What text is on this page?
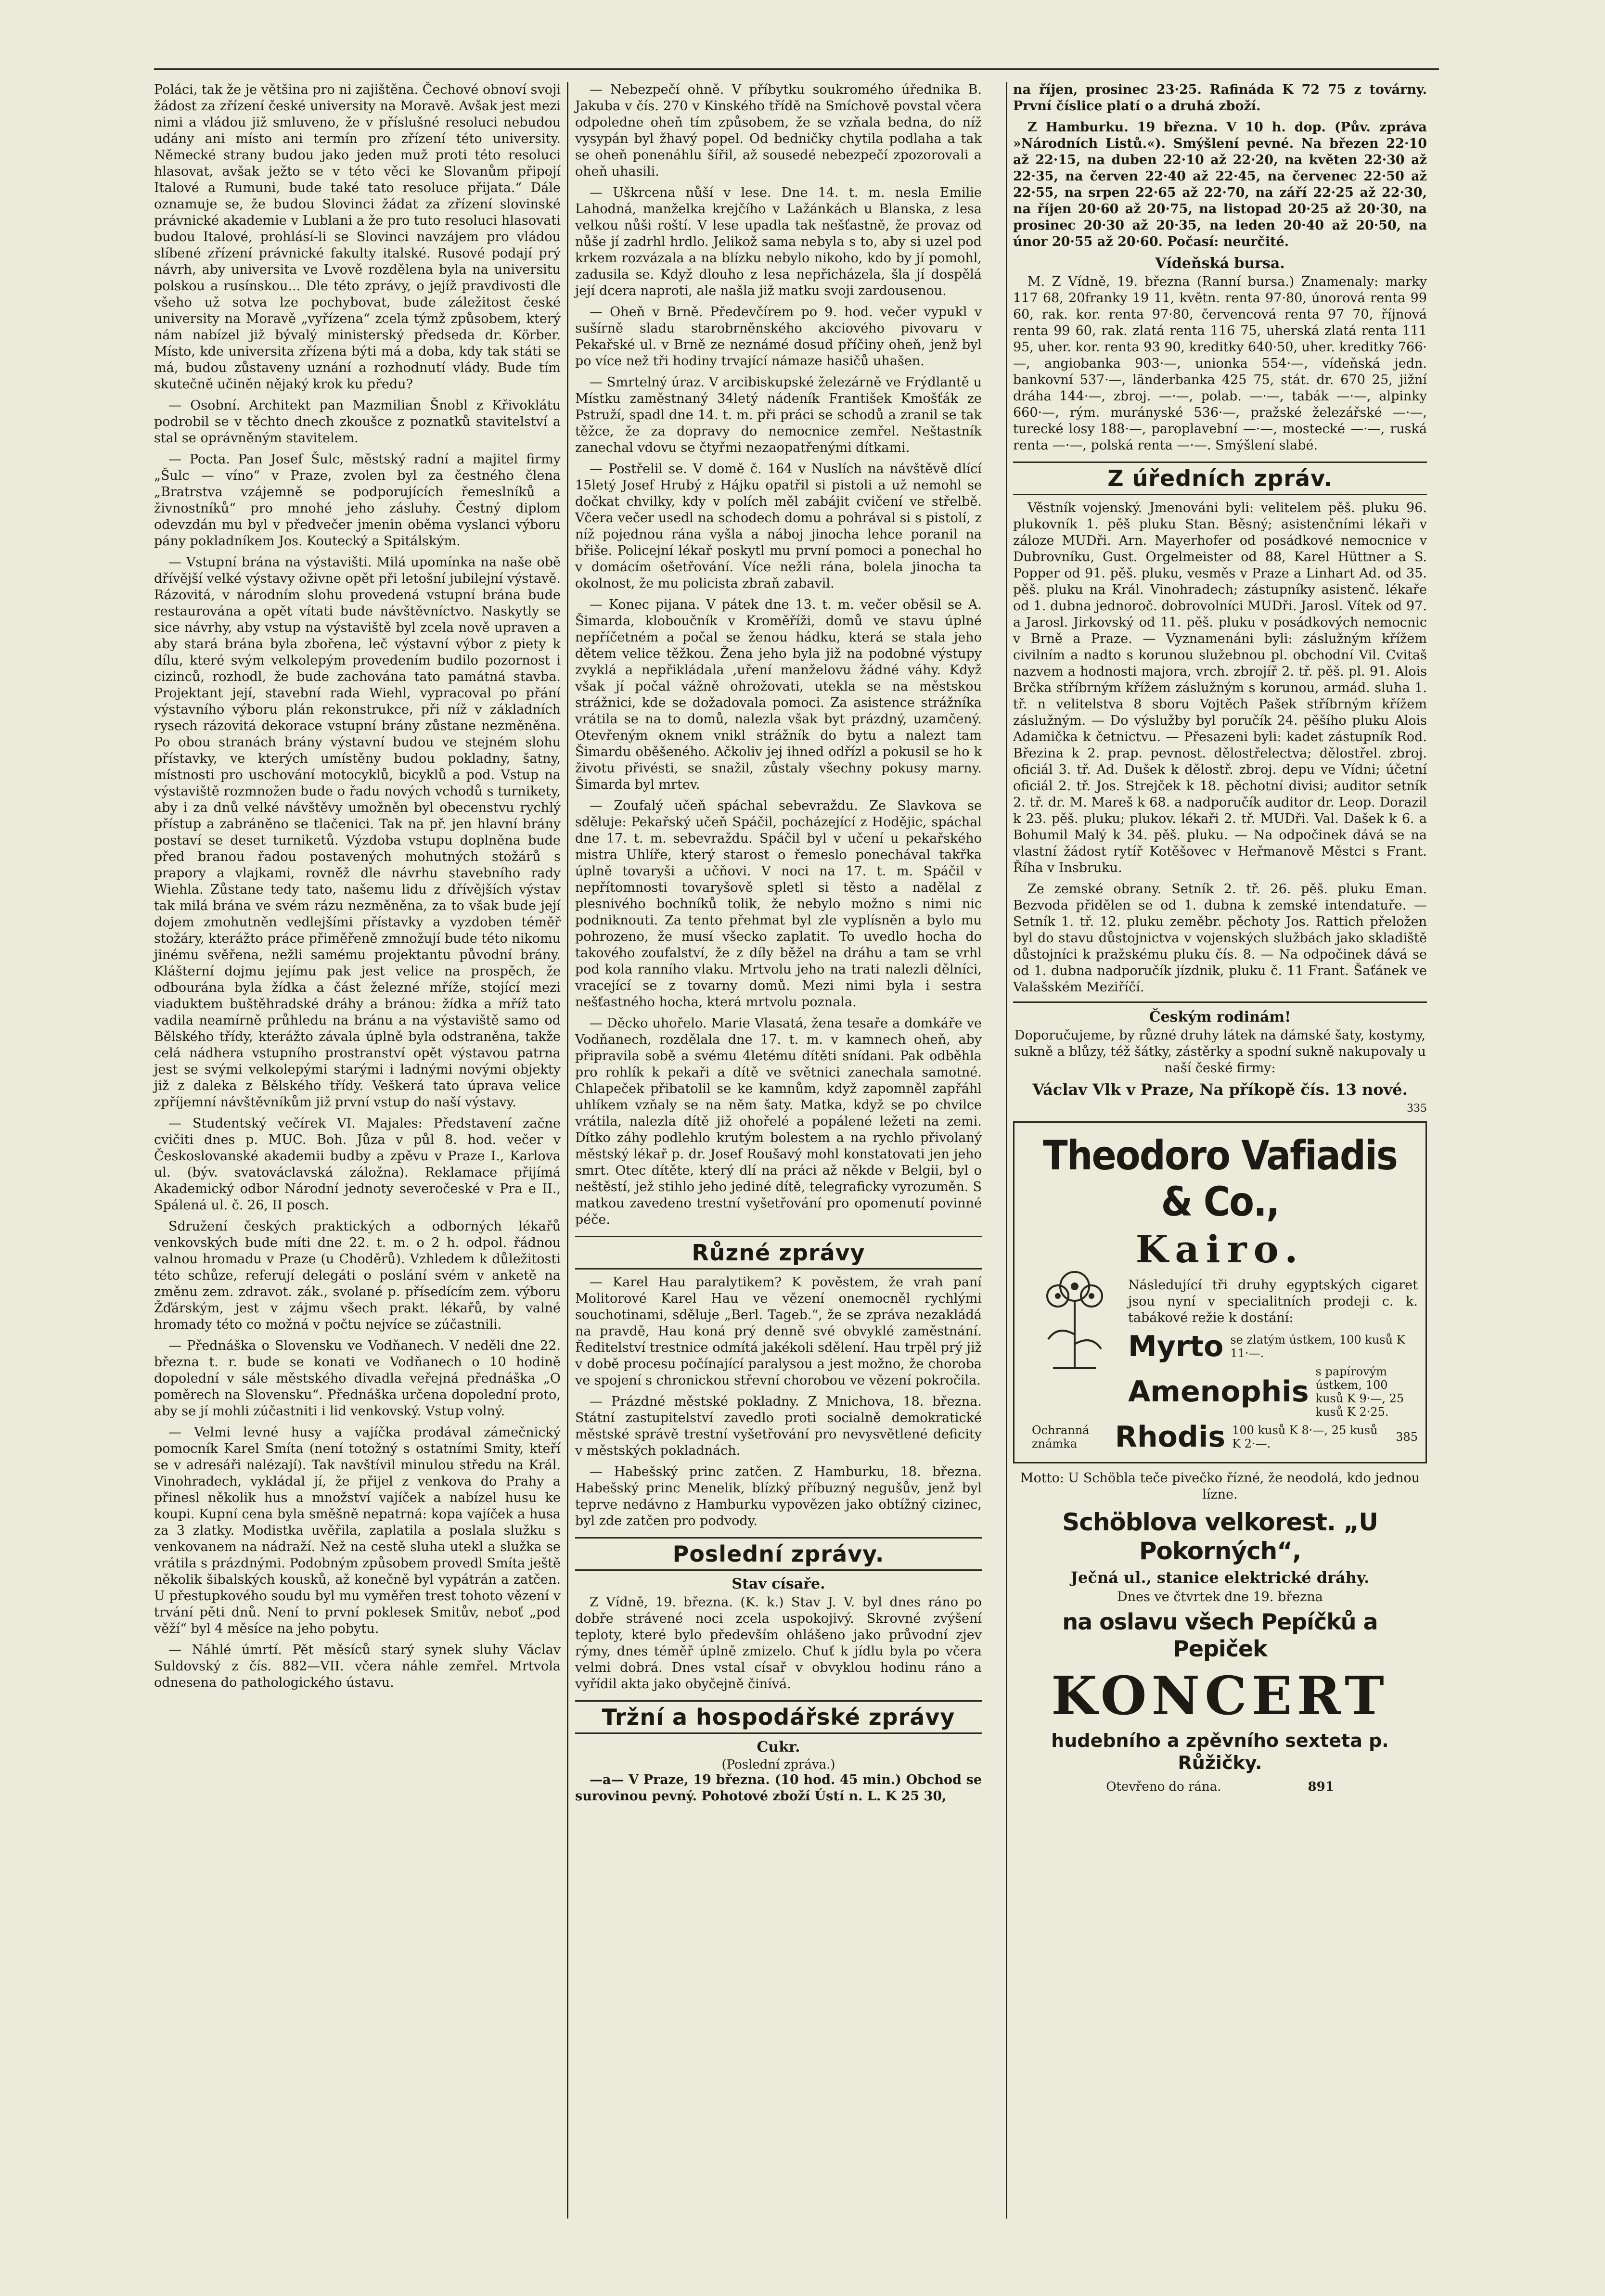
Poláci, tak že je většina pro ni zajištěna. Čechové obnoví svoji žádost za zřízení české university na Moravě. Avšak jest mezi nimi a vládou již smluveno, že v příslušné resoluci nebudou udány ani místo ani termín pro zřízení této university. Německé strany budou jako jeden muž proti této resoluci hlasovat, avšak ježto se v této věci ke Slovanům připojí Italové a Rumuni, bude také tato resoluce přijata.“ Dále oznamuje se, že budou Slovinci žádat za zřízení slovinské právnické akademie v Lublani a že pro tuto resoluci hlasovati budou Italové, prohlásí-li se Slovinci navzájem pro vládou slíbené zřízení právnické fakulty italské. Rusové podají prý návrh, aby universita ve Lvově rozdělena byla na universitu polskou a rusínskou... Dle této zprávy, o jejíž pravdivosti dle všeho už sotva lze pochybovat, bude záležitost české university na Moravě „vyřízena“ zcela týmž způsobem, který nám nabízel již bývalý ministerský předseda dr. Körber. Místo, kde universita zřízena býti má a doba, kdy tak státi se má, budou zůstaveny uznání a rozhodnutí vlády. Bude tím skutečně učiněn nějaký krok ku předu?

— Osobní. Architekt pan Mazmilian Šnobl z Křivoklátu podrobil se v těchto dnech zkoušce z poznatků stavitelství a stal se oprávněným stavitelem.

— Pocta. Pan Josef Šulc, městský radní a majitel firmy „Šulc — víno“ v Praze, zvolen byl za čestného člena „Bratrstva vzájemně se podporujících řemeslníků a živnostníků“ pro mnohé jeho zásluhy. Čestný diplom odevzdán mu byl v předvečer jmenin oběma vyslanci výboru pány pokladníkem Jos. Koutecký a Spitálským.

— Vstupní brána na výstavišti. Milá upomínka na naše obě dřívější velké výstavy oživne opět při letošní jubilejní výstavě. Rázovitá, v národním slohu provedená vstupní brána bude restaurována a opět vítati bude návštěvníctvo. Naskytly se sice návrhy, aby vstup na výstaviště byl zcela nově upraven a aby stará brána byla zbořena, leč výstavní výbor z piety k dílu, které svým velkolepým provedením budilo pozornost i cizinců, rozhodl, že bude zachována tato památná stavba. Projektant její, stavební rada Wiehl, vypracoval po přání výstavního výboru plán rekonstrukce, při níž v základních rysech rázovitá dekorace vstupní brány zůstane nezměněna. Po obou stranách brány výstavní budou ve stejném slohu přístavky, ve kterých umístěny budou pokladny, šatny, místnosti pro uschování motocyklů, bicyklů a pod. Vstup na výstaviště rozmnožen bude o řadu nových vchodů s turnikety, aby i za dnů velké návštěvy umožněn byl obecenstvu rychlý přístup a zabráněno se tlačenici. Tak na př. jen hlavní brány postaví se deset turniketů. Výzdoba vstupu doplněna bude před branou řadou postavených mohutných stožárů s prapory a vlajkami, rovněž dle návrhu stavebního rady Wiehla. Zůstane tedy tato, našemu lidu z dřívějších výstav tak milá brána ve svém rázu nezměněna, za to však bude její dojem zmohutněn vedlejšími přístavky a vyzdoben téměř stožáry, kterážto práce přiměřeně zmnožují bude této nikomu jinému svěřena, nežli samému projektantu původní brány. Klášterní dojmu jejímu pak jest velice na prospěch, že odbourána byla žídka a část železné mříže, stojící mezi viaduktem buštěhradské dráhy a bránou: žídka a mříž tato vadila neamírně průhledu na bránu a na výstaviště samo od Bělského třídy, kterážto závala úplně byla odstraněna, takže celá nádhera vstupního prostranství opět výstavou patrna jest se svými velkolepými starými i ladnými novými objekty již z daleka z Bělského třídy. Veškerá tato úprava velice zpříjemní návštěvníkům již první vstup do naší výstavy.

— Studentský večírek VI. Majales: Představení začne cvičiti dnes p. MUC. Boh. Jůza v půl 8. hod. večer v Českoslovanské akademii budby a zpěvu v Praze I., Karlova ul. (býv. svatováclavská záložna). Reklamace přijímá Akademický odbor Národní jednoty severočeské v Pra e II., Spálená ul. č. 26, II posch.

Sdružení českých praktických a odborných lékařů venkovských bude míti dne 22. t. m. o 2 h. odpol. řádnou valnou hromadu v Praze (u Choděrů). Vzhledem k důležitosti této schůze, referují delegáti o poslání svém v anketě na změnu zem. zdravot. zák., svolané p. přísedícím zem. výboru Žďárským, jest v zájmu všech prakt. lékařů, by valné hromady této co možná v počtu nejvíce se zúčastnili.

— Přednáška o Slovensku ve Vodňanech. V neděli dne 22. března t. r. bude se konati ve Vodňanech o 10 hodině dopolední v sále městského divadla veřejná přednáška „O poměrech na Slovensku“. Přednáška určena dopolední proto, aby se jí mohli zúčastniti i lid venkovský. Vstup volný.

— Velmi levné husy a vajíčka prodával zámečnický pomocník Karel Smíta (není totožný s ostatními Smity, kteří se v adresáři nalézají). Tak navštívil minulou středu na Král. Vinohradech, vykládal jí, že přijel z venkova do Prahy a přinesl několik hus a množství vajíček a nabízel husu ke koupi. Kupní cena byla směšně nepatrná: kopa vajíček a husa za 3 zlatky. Modistka uvěřila, zaplatila a poslala služku s venkovanem na nádraží. Než na cestě sluha utekl a služka se vrátila s prázdnými. Podobným způsobem provedl Smíta ještě několik šibalských kousků, až konečně byl vypátrán a zatčen. U přestupkového soudu byl mu vyměřen trest tohoto vězení v trvání pěti dnů. Není to první poklesek Smitův, neboť „pod věží“ byl 4 měsíce na jeho pobytu.

— Náhlé úmrtí. Pět měsíců starý synek sluhy Václav Suldovský z čís. 882—VII. včera náhle zemřel. Mrtvola odnesena do pathologického ústavu.

— Nebezpečí ohně. V příbytku soukromého úřednika B. Jakuba v čís. 270 v Kinského třídě na Smíchově povstal včera odpoledne oheň tím způsobem, že se vzňala bedna, do níž vysypán byl žhavý popel. Od bedničky chytila podlaha a tak se oheň ponenáhlu šířil, až sousedé nebezpečí zpozorovali a oheň uhasili.

— Uškrcena nůší v lese. Dne 14. t. m. nesla Emilie Lahodná, manželka krejčího v Lažánkách u Blanska, z lesa velkou nůši roští. V lese upadla tak nešťastně, že provaz od nůše jí zadrhl hrdlo. Jelikož sama nebyla s to, aby si uzel pod krkem rozvázala a na blízku nebylo nikoho, kdo by jí pomohl, zadusila se. Když dlouho z lesa nepřicházela, šla jí dospělá její dcera naproti, ale našla již matku svoji zardousenou.

— Oheň v Brně. Předevčírem po 9. hod. večer vypukl v sušírně sladu starobrněnského akciového pivovaru v Pekařské ul. v Brně ze neznámé dosud příčiny oheň, jenž byl po více než tři hodiny trvající námaze hasičů uhašen.

— Smrtelný úraz. V arcibiskupské železárně ve Frýdlantě u Místku zaměstnaný 34letý nádeník František Kmošťák ze Pstruží, spadl dne 14. t. m. při práci se schodů a zranil se tak těžce, že za dopravy do nemocnice zemřel. Neštastník zanechal vdovu se čtyřmi nezaopatřenými dítkami.

— Postřelil se. V domě č. 164 v Nuslích na návštěvě dlící 15letý Josef Hrubý z Hájku opatřil si pistoli a už nemohl se dočkat chvilky, kdy v polích měl zabájit cvičení ve střelbě. Včera večer usedl na schodech domu a pohrával si s pistolí, z níž pojednou rána vyšla a náboj jinocha lehce poranil na břiše. Policejní lékař poskytl mu první pomoci a ponechal ho v domácím ošetřování. Více nežli rána, bolela jinocha ta okolnost, že mu policista zbraň zabavil.

— Konec pijana. V pátek dne 13. t. m. večer oběsil se A. Šimarda, kloboučník v Kroměříži, domů ve stavu úplné nepříčetném a počal se ženou hádku, která se stala jeho dětem velice těžkou. Žena jeho byla již na podobné výstupy zvyklá a nepřikládala ,uření manželovu žádné váhy. Když však jí počal vážně ohrožovati, utekla se na městskou strážnici, kde se dožadovala pomoci. Za asistence strážníka vrátila se na to domů, nalezla však byt prázdný, uzamčený. Otevřeným oknem vnikl strážník do bytu a nalezt tam Šimardu oběšeného. Ačkoliv jej ihned odřízl a pokusil se ho k životu přivésti, se snažil, zůstaly všechny pokusy marny. Šimarda byl mrtev.

— Zoufalý učeň spáchal sebevraždu. Ze Slavkova se sděluje: Pekařský učeň Spáčil, pocházející z Hodějic, spáchal dne 17. t. m. sebevraždu. Spáčil byl v učení u pekařského mistra Uhlíře, který starost o řemeslo ponechával takřka úplně tovaryši a učňovi. V noci na 17. t. m. Spáčil v nepřítomnosti tovaryšově spletl si těsto a nadělal z plesnivého bochníků tolik, že nebylo možno s nimi nic podniknouti. Za tento přehmat byl zle vyplísněn a bylo mu pohrozeno, že musí všecko zaplatit. To uvedlo hocha do takového zoufalství, že z díly běžel na dráhu a tam se vrhl pod kola ranního vlaku. Mrtvolu jeho na trati nalezli dělníci, vracející se z tovarny domů. Mezi nimi byla i sestra nešťastného hocha, která mrtvolu poznala.

— Děcko uhořelo. Marie Vlasatá, žena tesaře a domkáře ve Vodňanech, rozdělala dne 17. t. m. v kamnech oheň, aby připravila sobě a svému 4letému dítěti snídani. Pak odběhla pro rohlík k pekaři a dítě ve světnici zanechala samotné. Chlapeček přibatolil se ke kamnům, když zapomněl zapřáhl uhlíkem vzňaly se na něm šaty. Matka, když se po chvilce vrátila, nalezla dítě již ohořelé a popálené ležeti na zemi. Dítko záhy podlehlo krutým bolestem a na rychlo přivolaný městský lékař p. dr. Josef Roušavý mohl konstatovati jen jeho smrt. Otec dítěte, který dlí na práci až někde v Belgii, byl o neštěstí, jež stihlo jeho jediné dítě, telegraficky vyrozuměn. S matkou zavedeno trestní vyšetřování pro opomenutí povinné péče.

Různé zprávy

— Karel Hau paralytikem? K pověstem, že vrah paní Molitorové Karel Hau ve vězení onemocněl rychlými souchotinami, sděluje „Berl. Tageb.“, že se zpráva nezakládá na pravdě, Hau koná prý denně své obvyklé zaměstnání. Ředitelství trestnice odmítá jakékoli sdělení. Hau trpěl prý již v době procesu počínající paralysou a jest možno, že choroba ve spojení s chronickou střevní chorobou ve vězení pokročila.

— Prázdné městské pokladny. Z Mnichova, 18. března. Státní zastupitelství zavedlo proti socialně demokratické městské správě trestní vyšetřování pro nevysvětlené deficity v městských pokladnách.

— Habešský princ zatčen. Z Hamburku, 18. března. Habešský princ Menelik, blízký příbuzný negušův, jenž byl teprve nedávno z Hamburku vypovězen jako obtížný cizinec, byl zde zatčen pro podvody.

Poslední zprávy.
Stav císaře.

Z Vídně, 19. března. (K. k.) Stav J. V. byl dnes ráno po dobře strávené noci zcela uspokojivý. Skrovné zvýšení teploty, které bylo především ohlášeno jako průvodní zjev rýmy, dnes téměř úplně zmizelo. Chuť k jídlu byla po včera velmi dobrá. Dnes vstal císař v obvyklou hodinu ráno a vyřídil akta jako obyčejně činívá.

Tržní a hospodářské zprávy
Cukr.
(Poslední zpráva.)

—a— V Praze, 19 března. (10 hod. 45 min.) Obchod se surovinou pevný. Pohotové zboží Ústí n. L. K 25 30,

na říjen, prosinec 23·25. Rafináda K 72 75 z továrny. První číslice platí o a druhá zboží.

Z Hamburku. 19 března. V 10 h. dop. (Pův. zpráva »Národních Listů.«). Smýšlení pevné. Na březen 22·10 až 22·15, na duben 22·10 až 22·20, na květen 22·30 až 22·35, na červen 22·40 až 22·45, na červenec 22·50 až 22·55, na srpen 22·65 až 22·70, na září 22·25 až 22·30, na říjen 20·60 až 20·75, na listopad 20·25 až 20·30, na prosinec 20·30 až 20·35, na leden 20·40 až 20·50, na únor 20·55 až 20·60. Počasí: neurčité.

Vídeňská bursa.

M. Z Vídně, 19. března (Ranní bursa.) Znamenaly: marky 117 68, 20franky 19 11, květn. renta 97·80, únorová renta 99 60, rak. kor. renta 97·80, červencová renta 97 70, říjnová renta 99 60, rak. zlatá renta 116 75, uherská zlatá renta 111 95, uher. kor. renta 93 90, kreditky 640·50, uher. kreditky 766·—, angiobanka 903·—, unionka 554·—, vídeňská jedn. bankovní 537·—, länderbanka 425 75, stát. dr. 670 25, jižní dráha 144·—, zbroj. —·—, polab. —·—, tabák —·—, alpinky 660·—, rým. murányské 536·—, pražské železářské —·—, turecké losy 188·—, paroplavební —·—, mostecké —·—, ruská renta —·—, polská renta —·—. Smýšlení slabé.

Z úředních zpráv.

Věstník vojenský. Jmenováni byli: velitelem pěš. pluku 96. plukovník 1. pěš pluku Stan. Běsný; asistenčními lékaři v záloze MUDři. Arn. Mayerhofer od posádkové nemocnice v Dubrovníku, Gust. Orgelmeister od 88, Karel Hüttner a S. Popper od 91. pěš. pluku, vesměs v Praze a Linhart Ad. od 35. pěš. pluku na Král. Vinohradech; zástupníky asistenč. lékaře od 1. dubna jednoroč. dobrovolníci MUDři. Jarosl. Vítek od 97. a Jarosl. Jirkovský od 11. pěš. pluku v posádkových nemocnic v Brně a Praze. — Vyznamenáni byli: záslužným křížem civilním a nadto s korunou služebnou pl. obchodní Vil. Cvitaš nazvem a hodnosti majora, vrch. zbrojíř 2. tř. pěš. pl. 91. Alois Brčka stříbrným křížem záslužným s korunou, armád. sluha 1. tř. n velitelstva 8 sboru Vojtěch Pašek stříbrným křížem záslužným. — Do výslužby byl poručík 24. pěšího pluku Alois Adamička k četnictvu. — Přesazeni byli: kadet zástupník Rod. Březina k 2. prap. pevnost. dělostřelectva; dělostřel. zbroj. oficiál 3. tř. Ad. Dušek k dělostř. zbroj. depu ve Vídni; účetní oficiál 2. tř. Jos. Strejček k 18. pěchotní divisi; auditor setník 2. tř. dr. M. Mareš k 68. a nadporučík auditor dr. Leop. Dorazil k 23. pěš. pluku; plukov. lékaři 2. tř. MUDři. Val. Dašek k 6. a Bohumil Malý k 34. pěš. pluku. — Na odpočinek dává se na vlastní žádost rytíř Kotěšovec v Heřmanově Městci s Frant. Říha v Insbruku.

Ze zemské obrany. Setník 2. tř. 26. pěš. pluku Eman. Bezvoda přidělen se od 1. dubna k zemské intendatuře. — Setník 1. tř. 12. pluku zeměbr. pěchoty Jos. Rattich přeložen byl do stavu důstojnictva v vojenských službách jako skladiště důstojníci k pražskému pluku čís. 8. — Na odpočinek dává se od 1. dubna nadporučík jízdnik, pluku č. 11 Frant. Šaťánek ve Valašském Meziříčí.

Českým rodinám!

Doporučujeme, by různé druhy látek na dámské šaty, kostymy, sukně a blůzy, též šátky, zástěrky a spodní sukně nakupovaly u naší české firmy:

Václav Vlk v Praze, Na příkopě čís. 13 nové.

335
Theodoro Vafiadis & Co.,
Kairo.

Následující tři druhy egyptských cigaret jsou nyní v specialitních prodeji c. k. tabákové režie k dostání:

Myrto se zlatým ústkem, 100 kusů K 11·—.
Amenophis
s papírovým ústkem, 100 kusů K 9·—, 25 kusů K 2·25.
Ochranná známka	Rhodis 100 kusů K 8·—, 25 kusů K 2·—.	385

Motto: U Schöbla teče pivečko řízné, že neodolá, kdo jednou lízne.

Schöblova velkorest. „U Pokorných“,
Ječná ul., stanice elektrické dráhy.
Dnes ve čtvrtek dne 19. března
na oslavu všech Pepíčků a Pepiček
KONCERT
hudebního a zpěvního sexteta p. Růžičky.
Otevřeno do rána.	891
